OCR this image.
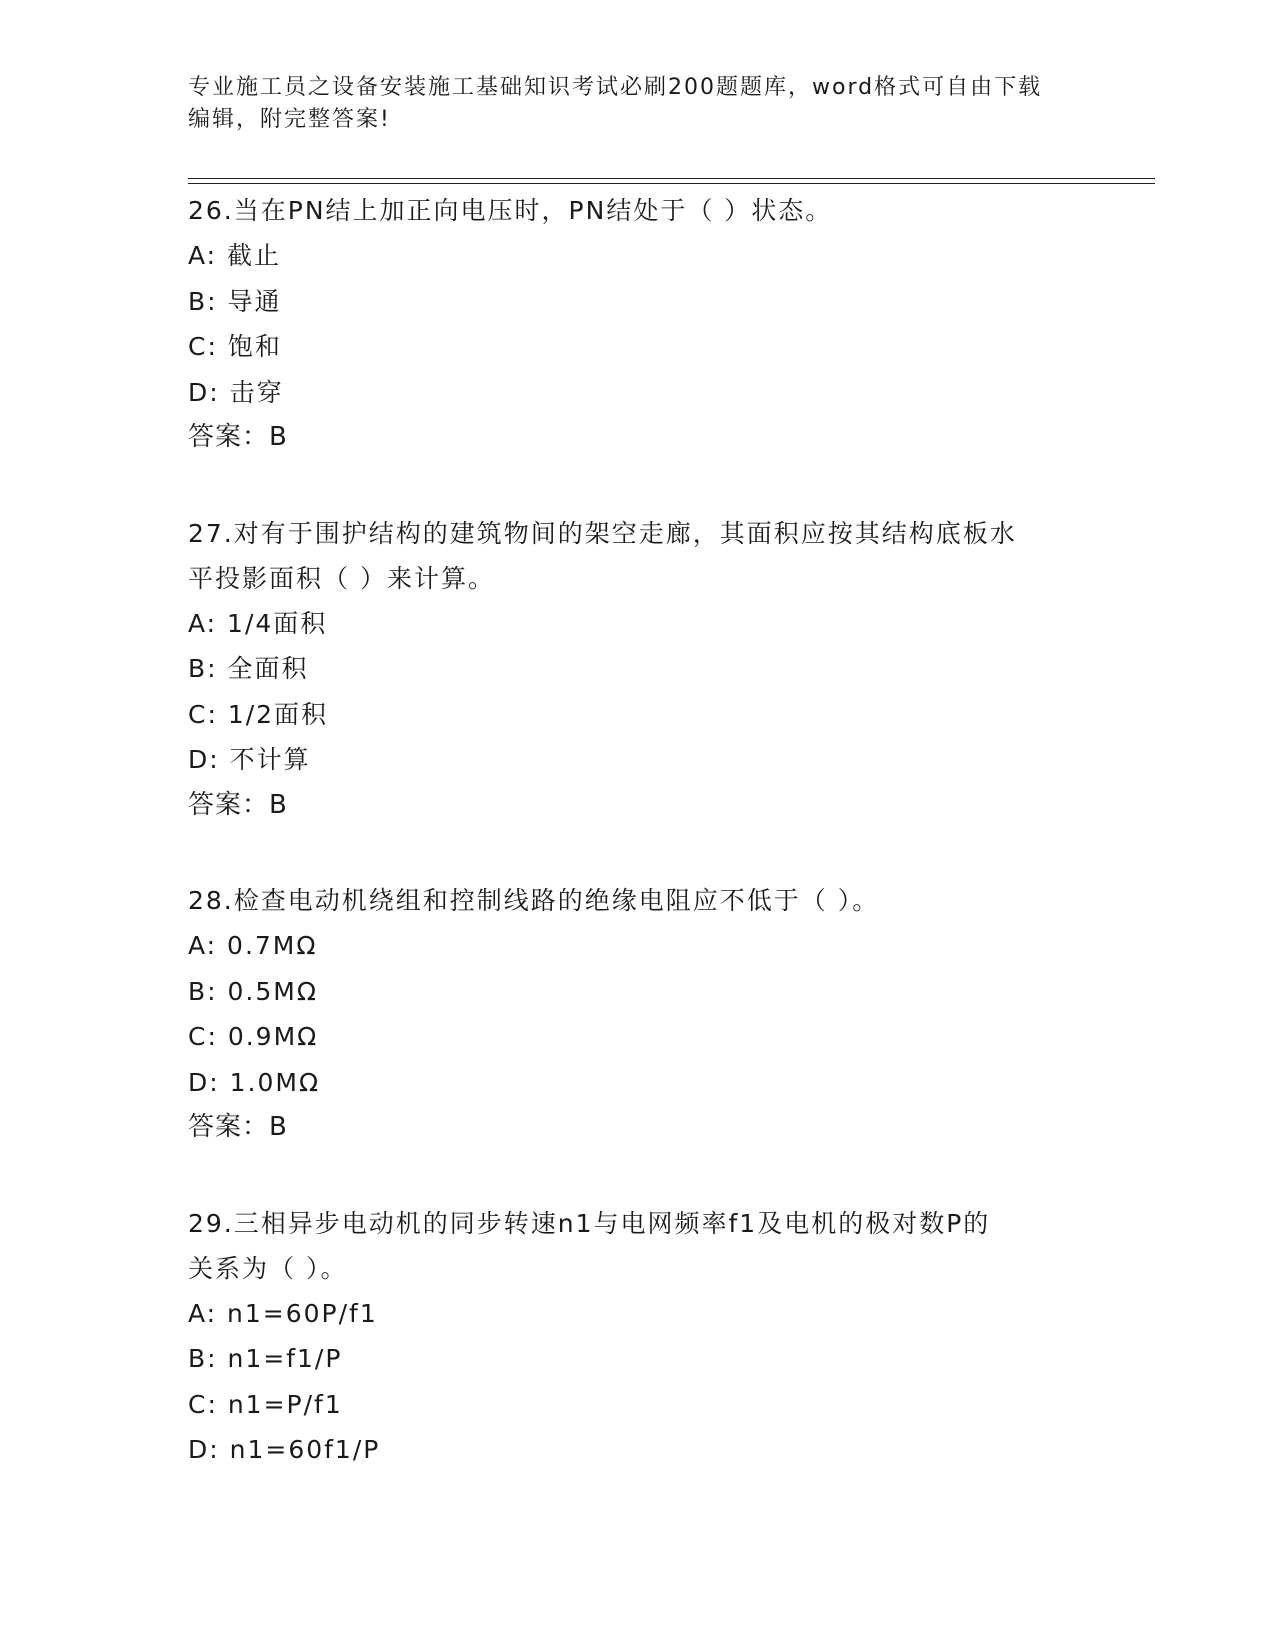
专业施工员之设备安装施工基础知识考试必刷200题题库，word格式可自由下载
编辑，附完整答案!

26.当在PN结上加正向电压时，PN结处于（ ）状态。

A: 截止

B: 导通

C: 饱和

D: 击穿

答案：B

27.对有于围护结构的建筑物间的架空走廊，其面积应按其结构底板水

平投影面积（ ）来计算。

A: 1/4面积

B: 全面积

C: 1/2面积

D: 不计算

答案：B

28.检查电动机绕组和控制线路的绝缘电阻应不低于（ ）。

A: 0.7MΩ

B: 0.5MΩ

C: 0.9MΩ

D: 1.0MΩ

答案：B

29.三相异步电动机的同步转速n1与电网频率f1及电机的极对数P的

关系为（ ）。

A: n1=60P/f1

B: n1=f1/P

C: n1=P/f1

D: n1=60f1/P
